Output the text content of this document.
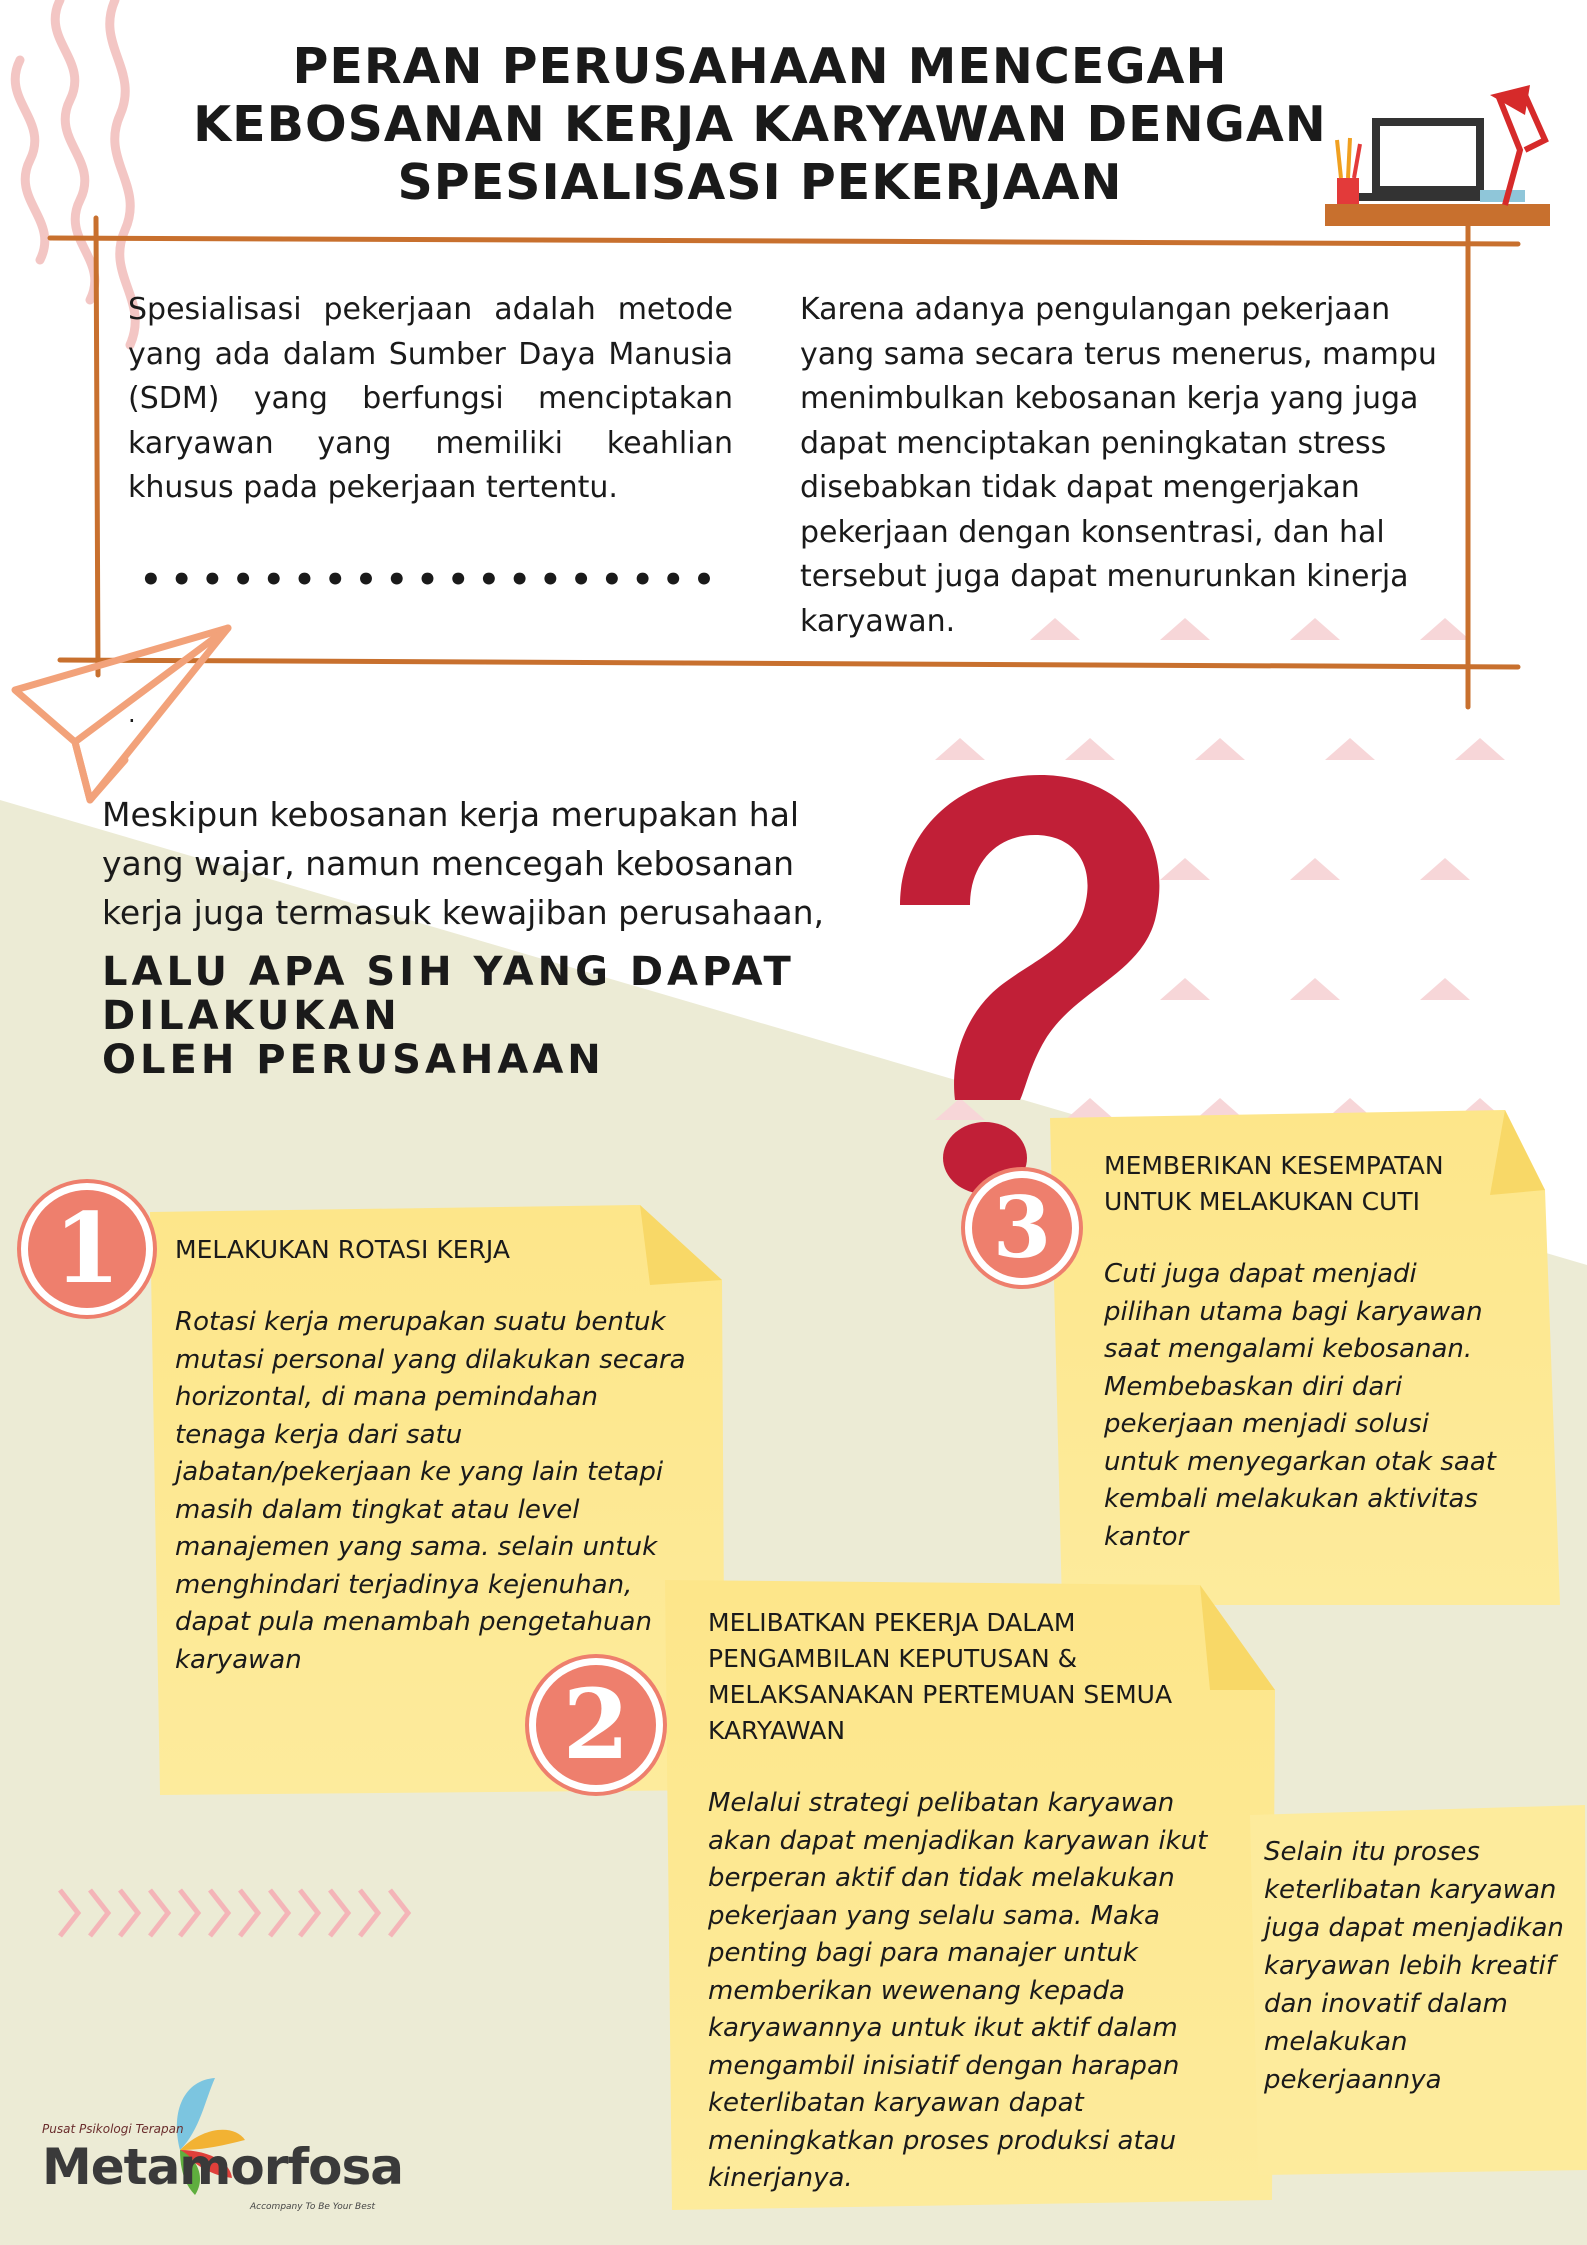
PERAN PERUSAHAAN MENCEGAH
KEBOSANAN KERJA KARYAWAN DENGAN
SPESIALISASI PEKERJAAN
Spesialisasi pekerjaan adalah metode yang ada dalam Sumber Daya Manusia (SDM) yang berfungsi menciptakan karyawan yang memiliki keahlian khusus pada pekerjaan tertentu.
Karena adanya pengulangan pekerjaan yang sama secara terus menerus, mampu menimbulkan kebosanan kerja yang juga dapat menciptakan peningkatan stress disebabkan tidak dapat mengerjakan pekerjaan dengan konsentrasi, dan hal tersebut juga dapat menurunkan kinerja karyawan.
•••••••••••••••••••
.
Meskipun kebosanan kerja merupakan hal yang wajar, namun mencegah kebosanan kerja juga termasuk kewajiban perusahaan,
LALU APA SIH YANG DAPAT DILAKUKAN
OLEH PERUSAHAAN
1	3
2
MELAKUKAN ROTASI KERJA
Rotasi kerja merupakan suatu bentuk mutasi personal yang dilakukan secara horizontal, di mana pemindahan tenaga kerja dari satu jabatan/pekerjaan ke yang lain tetapi masih dalam tingkat atau level manajemen yang sama. selain untuk menghindari terjadinya kejenuhan, dapat pula menambah pengetahuan karyawan
MEMBERIKAN KESEMPATAN UNTUK MELAKUKAN CUTI
Cuti juga dapat menjadi pilihan utama bagi karyawan saat mengalami kebosanan. Membebaskan diri dari pekerjaan menjadi solusi untuk menyegarkan otak saat kembali melakukan aktivitas kantor
MELIBATKAN PEKERJA DALAM PENGAMBILAN KEPUTUSAN & MELAKSANAKAN PERTEMUAN SEMUA KARYAWAN
Melalui strategi pelibatan karyawan akan dapat menjadikan karyawan ikut berperan aktif dan tidak melakukan pekerjaan yang selalu sama. Maka penting bagi para manajer untuk memberikan wewenang kepada karyawannya untuk ikut aktif dalam mengambil inisiatif dengan harapan keterlibatan karyawan dapat meningkatkan proses produksi atau kinerjanya.
Selain itu proses keterlibatan karyawan juga dapat menjadikan karyawan lebih kreatif dan inovatif dalam melakukan pekerjaannya
Pusat Psikologi Terapan
Metamorfosa
Accompany To Be Your Best
